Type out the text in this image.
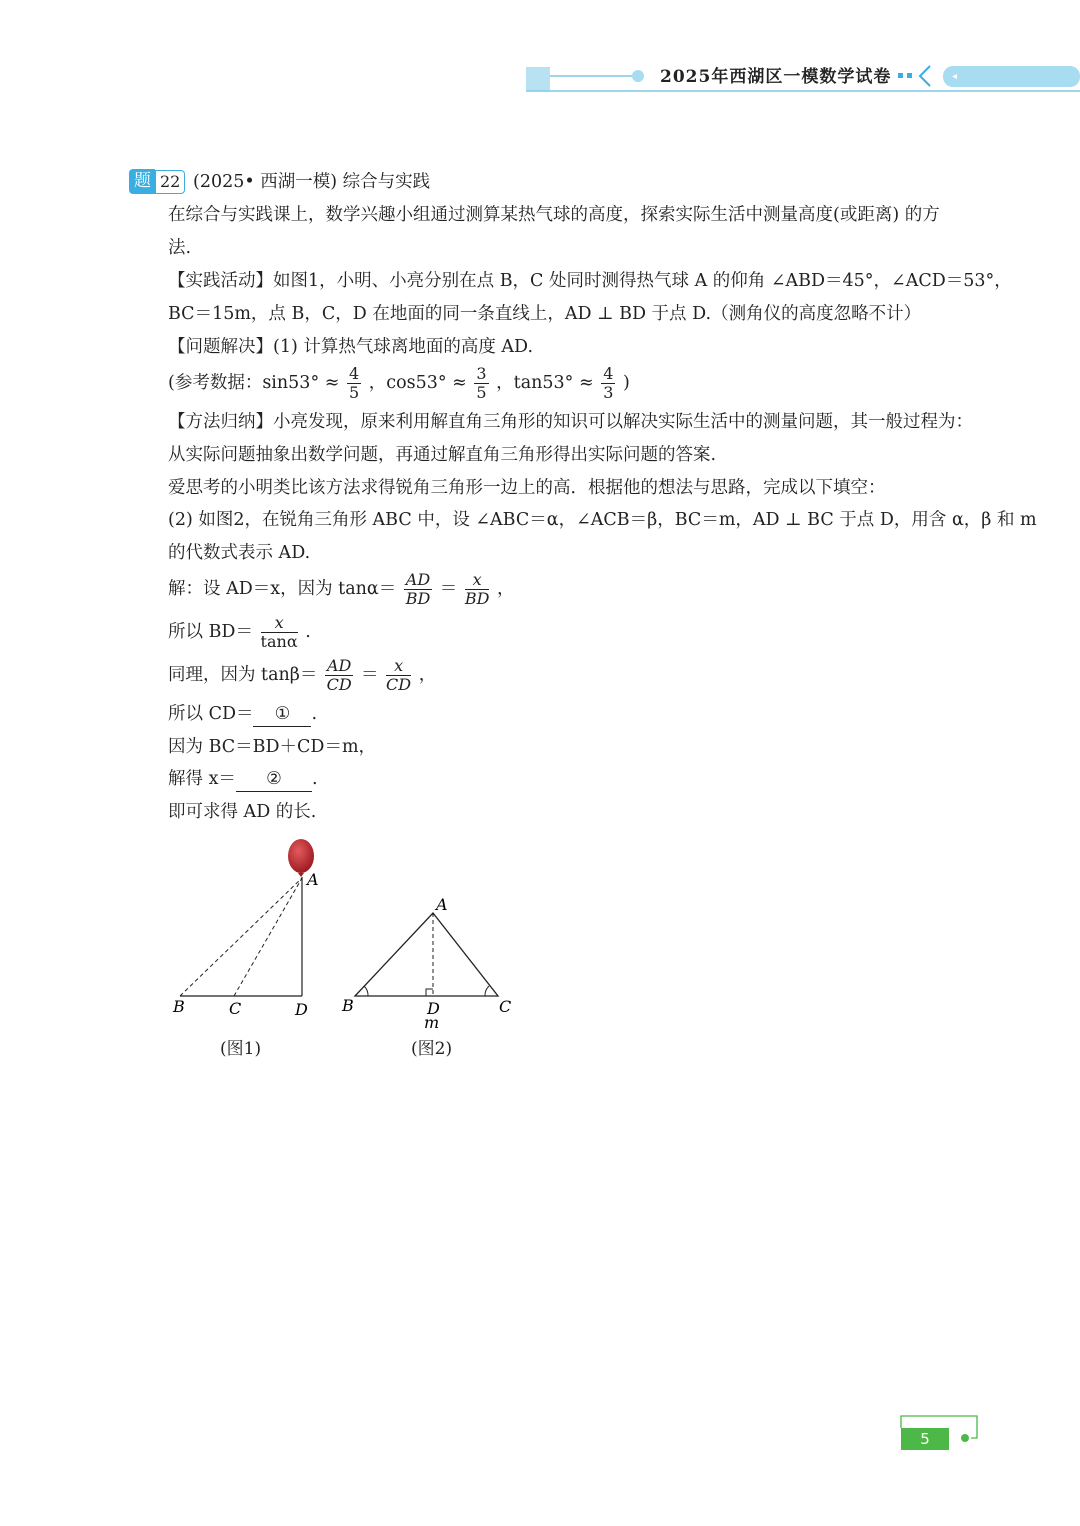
2025年西湖区一模数学试卷
题 22 (2025• 西湖一模) 综合与实践
在综合与实践课上，数学兴趣小组通过测算某热气球的高度，探索实际生活中测量高度(或距离) 的方
法.
【实践活动】如图1，小明、小亮分别在点 B，C 处同时测得热气球 A 的仰角 ∠ABD＝45°，∠ACD＝53°，
BC＝15m，点 B，C，D 在地面的同一条直线上，AD ⊥ BD 于点 D.（测角仪的高度忽略不计）
【问题解决】(1) 计算热气球离地面的高度 AD.
(参考数据：$\sin 53^\circ \approx \frac{4}{5}$ ，$\cos 53^\circ \approx \frac{3}{5}$ ，$\tan 53^\circ \approx \frac{4}{3}$ )
【方法归纳】小亮发现，原来利用解直角三角形的知识可以解决实际生活中的测量问题，其一般过程为：
从实际问题抽象出数学问题，再通过解直角三角形得出实际问题的答案.
爱思考的小明类比该方法求得锐角三角形一边上的高．根据他的想法与思路，完成以下填空：
(2) 如图2，在锐角三角形 ABC 中，设 ∠ABC＝α，∠ACB＝β，BC＝m，AD ⊥ BC 于点 D，用含 α，β 和 m
的代数式表示 AD.
解：设 AD＝x，因为 $\tan\alpha= \frac{AD}{BD} = \frac{x}{BD}$ ，
所以 $BD= \frac{x}{\tan\alpha}$ .
同理，因为 $\tan\beta= \frac{AD}{CD} = \frac{x}{CD}$ ，
所以 CD＝ ① .
因为 BC＝BD＋CD＝m，
解得 x＝ ② .
即可求得 AD 的长.
A
B	C	D
(图1)
A
B	C
D
m
(图2)
5
